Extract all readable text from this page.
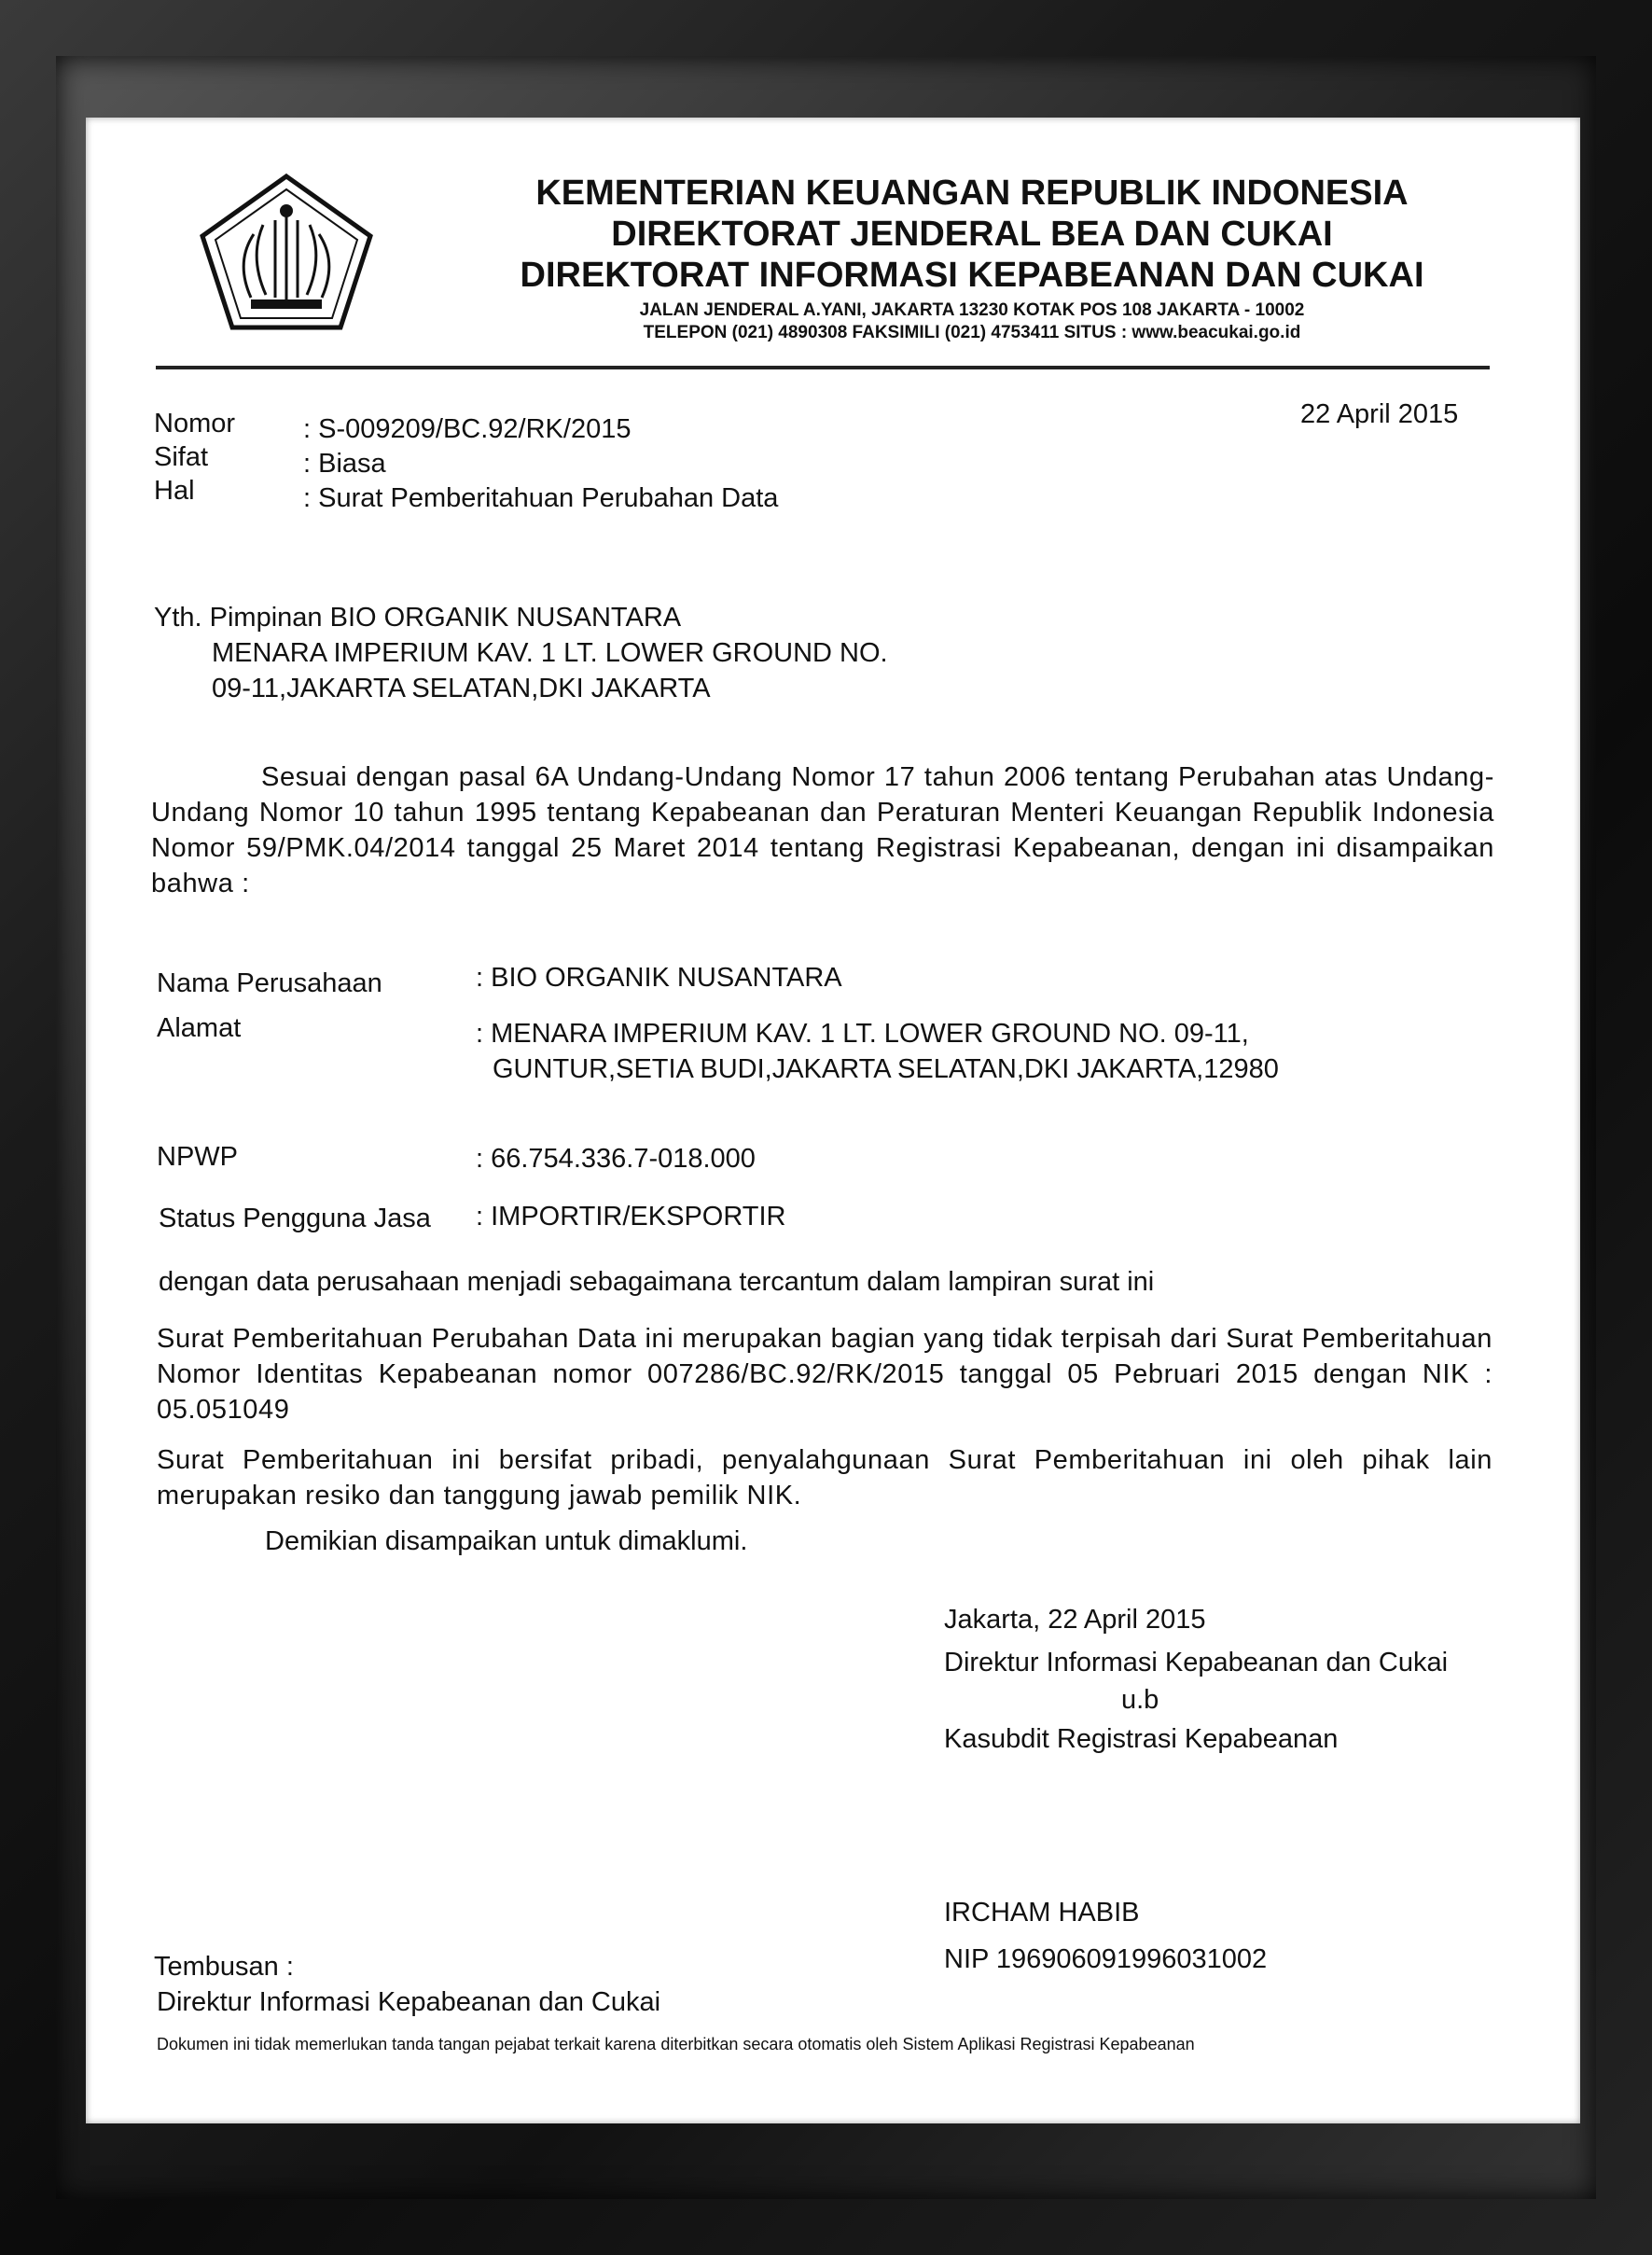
KEMENTERIAN KEUANGAN REPUBLIK INDONESIA
DIREKTORAT JENDERAL BEA DAN CUKAI
DIREKTORAT INFORMASI KEPABEANAN DAN CUKAI
JALAN JENDERAL A.YANI, JAKARTA 13230 KOTAK POS 108 JAKARTA - 10002
TELEPON (021) 4890308 FAKSIMILI (021) 4753411 SITUS : www.beacukai.go.id
22 April 2015
Nomor	: S-009209/BC.92/RK/2015
Sifat	: Biasa
Hal	: Surat Pemberitahuan Perubahan Data
Yth. Pimpinan BIO ORGANIK NUSANTARA
MENARA IMPERIUM KAV. 1 LT. LOWER GROUND NO.
09-11,JAKARTA SELATAN,DKI JAKARTA
Sesuai dengan pasal 6A Undang-Undang Nomor 17 tahun 2006 tentang Perubahan atas Undang-Undang Nomor 10 tahun 1995 tentang Kepabeanan dan Peraturan Menteri Keuangan Republik Indonesia Nomor 59/PMK.04/2014 tanggal 25 Maret 2014 tentang Registrasi Kepabeanan, dengan ini disampaikan bahwa :
Nama Perusahaan	: BIO ORGANIK NUSANTARA
Alamat	: MENARA IMPERIUM KAV. 1 LT. LOWER GROUND NO. 09-11,
GUNTUR,SETIA BUDI,JAKARTA SELATAN,DKI JAKARTA,12980
NPWP	: 66.754.336.7-018.000
Status Pengguna Jasa : IMPORTIR/EKSPORTIR
dengan data perusahaan menjadi sebagaimana tercantum dalam lampiran surat ini
Surat Pemberitahuan Perubahan Data ini merupakan bagian yang tidak terpisah dari Surat Pemberitahuan Nomor Identitas Kepabeanan nomor 007286/BC.92/RK/2015 tanggal 05 Pebruari 2015 dengan NIK : 05.051049
Surat Pemberitahuan ini bersifat pribadi, penyalahgunaan Surat Pemberitahuan ini oleh pihak lain merupakan resiko dan tanggung jawab pemilik NIK.
Demikian disampaikan untuk dimaklumi.
Jakarta, 22 April 2015
Direktur Informasi Kepabeanan dan Cukai
u.b
Kasubdit Registrasi Kepabeanan
IRCHAM HABIB
NIP 196906091996031002
Tembusan :
Direktur Informasi Kepabeanan dan Cukai
Dokumen ini tidak memerlukan tanda tangan pejabat terkait karena diterbitkan secara otomatis oleh Sistem Aplikasi Registrasi Kepabeanan
